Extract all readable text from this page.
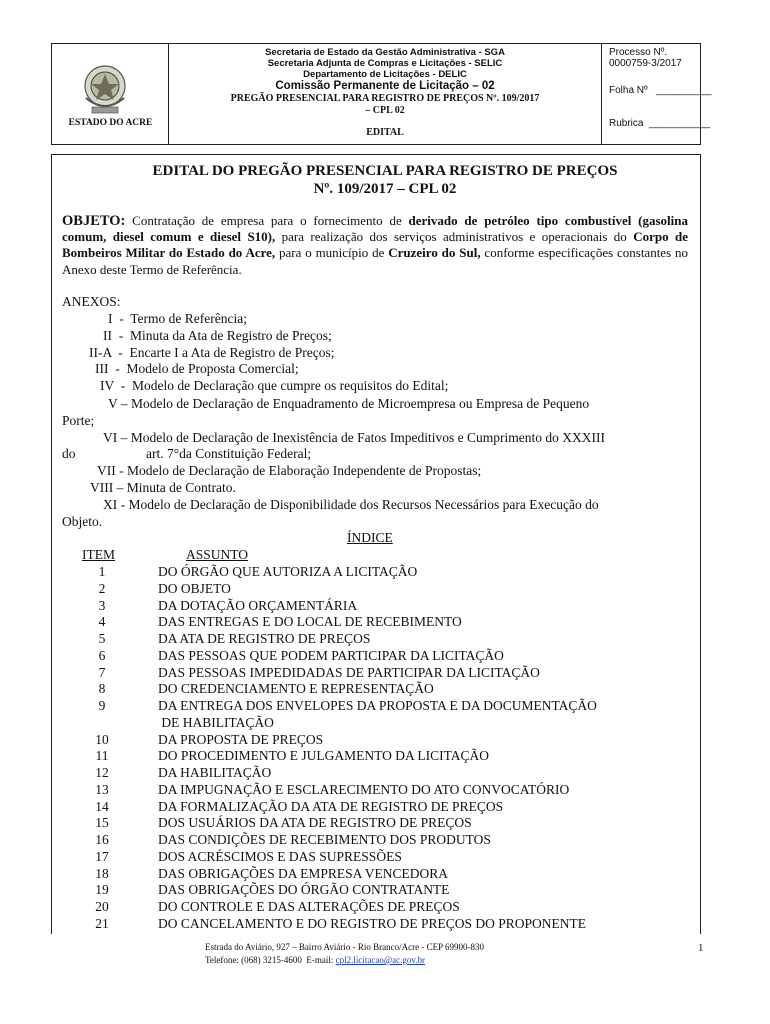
ESTADO DO ACRE
Secretaria de Estado da Gestão Administrativa - SGA
Secretaria Adjunta de Compras e Licitações - SELIC
Departamento de Licitações - DELIC
Comissão Permanente de Licitação – 02
PREGÃO PRESENCIAL PARA REGISTRO DE PREÇOS Nº. 109/2017
– CPL 02
EDITAL
Processo Nº. 0000759-3/2017
Folha Nº   __________
Rubrica  ___________
EDITAL DO PREGÃO PRESENCIAL PARA REGISTRO DE PREÇOS
Nº. 109/2017 – CPL 02
OBJETO: Contratação de empresa para o fornecimento de derivado de petróleo tipo combustível (gasolina comum, diesel comum e diesel S10), para realização dos serviços administrativos e operacionais do Corpo de Bombeiros Militar do Estado do Acre, para o município de Cruzeiro do Sul, conforme especificações constantes no Anexo deste Termo de Referência.
ANEXOS:
I  -  Termo de Referência;
II  -  Minuta da Ata de Registro de Preços;
II-A  -  Encarte I a Ata de Registro de Preços;
III  -  Modelo de Proposta Comercial;
IV  -  Modelo de Declaração que cumpre os requisitos do Edital;
V – Modelo de Declaração de Enquadramento de Microempresa ou Empresa de Pequeno
Porte;
VI – Modelo de Declaração de Inexistência de Fatos Impeditivos e Cumprimento do XXXIII
do	art. 7°da Constituição Federal;
VII - Modelo de Declaração de Elaboração Independente de Propostas;
VIII – Minuta de Contrato.
XI - Modelo de Declaração de Disponibilidade dos Recursos Necessários para Execução do
Objeto.
ÍNDICE
ITEM	ASSUNTO
1	DO ÓRGÃO QUE AUTORIZA A LICITAÇÃO
2	DO OBJETO
3	DA DOTAÇÃO ORÇAMENTÁRIA
4	DAS ENTREGAS E DO LOCAL DE RECEBIMENTO
5	DA ATA DE REGISTRO DE PREÇOS
6	DAS PESSOAS QUE PODEM PARTICIPAR DA LICITAÇÃO
7	DAS PESSOAS IMPEDIDADAS DE PARTICIPAR DA LICITAÇÃO
8	DO CREDENCIAMENTO E REPRESENTAÇÃO
9	DA ENTREGA DOS ENVELOPES DA PROPOSTA E DA DOCUMENTAÇÃO
DE HABILITAÇÃO
10	DA PROPOSTA DE PREÇOS
11	DO PROCEDIMENTO E JULGAMENTO DA LICITAÇÃO
12	DA HABILITAÇÃO
13	DA IMPUGNAÇÃO E ESCLARECIMENTO DO ATO CONVOCATÓRIO
14	DA FORMALIZAÇÃO DA ATA DE REGISTRO DE PREÇOS
15	DOS USUÁRIOS DA ATA DE REGISTRO DE PREÇOS
16	DAS CONDIÇÕES DE RECEBIMENTO DOS PRODUTOS
17	DOS ACRÉSCIMOS E DAS SUPRESSÕES
18	DAS OBRIGAÇÕES DA EMPRESA VENCEDORA
19	DAS OBRIGAÇÕES DO ÓRGÃO CONTRATANTE
20	DO CONTROLE E DAS ALTERAÇÕES DE PREÇOS
21	DO CANCELAMENTO E DO REGISTRO DE PREÇOS DO PROPONENTE
Estrada do Aviário, 927 – Bairro Aviário - Rio Branco/Acre - CEP 69900-830
Telefone: (068) 3215-4600  E-mail: cpl2.licitacao@ac.gov.br
1
